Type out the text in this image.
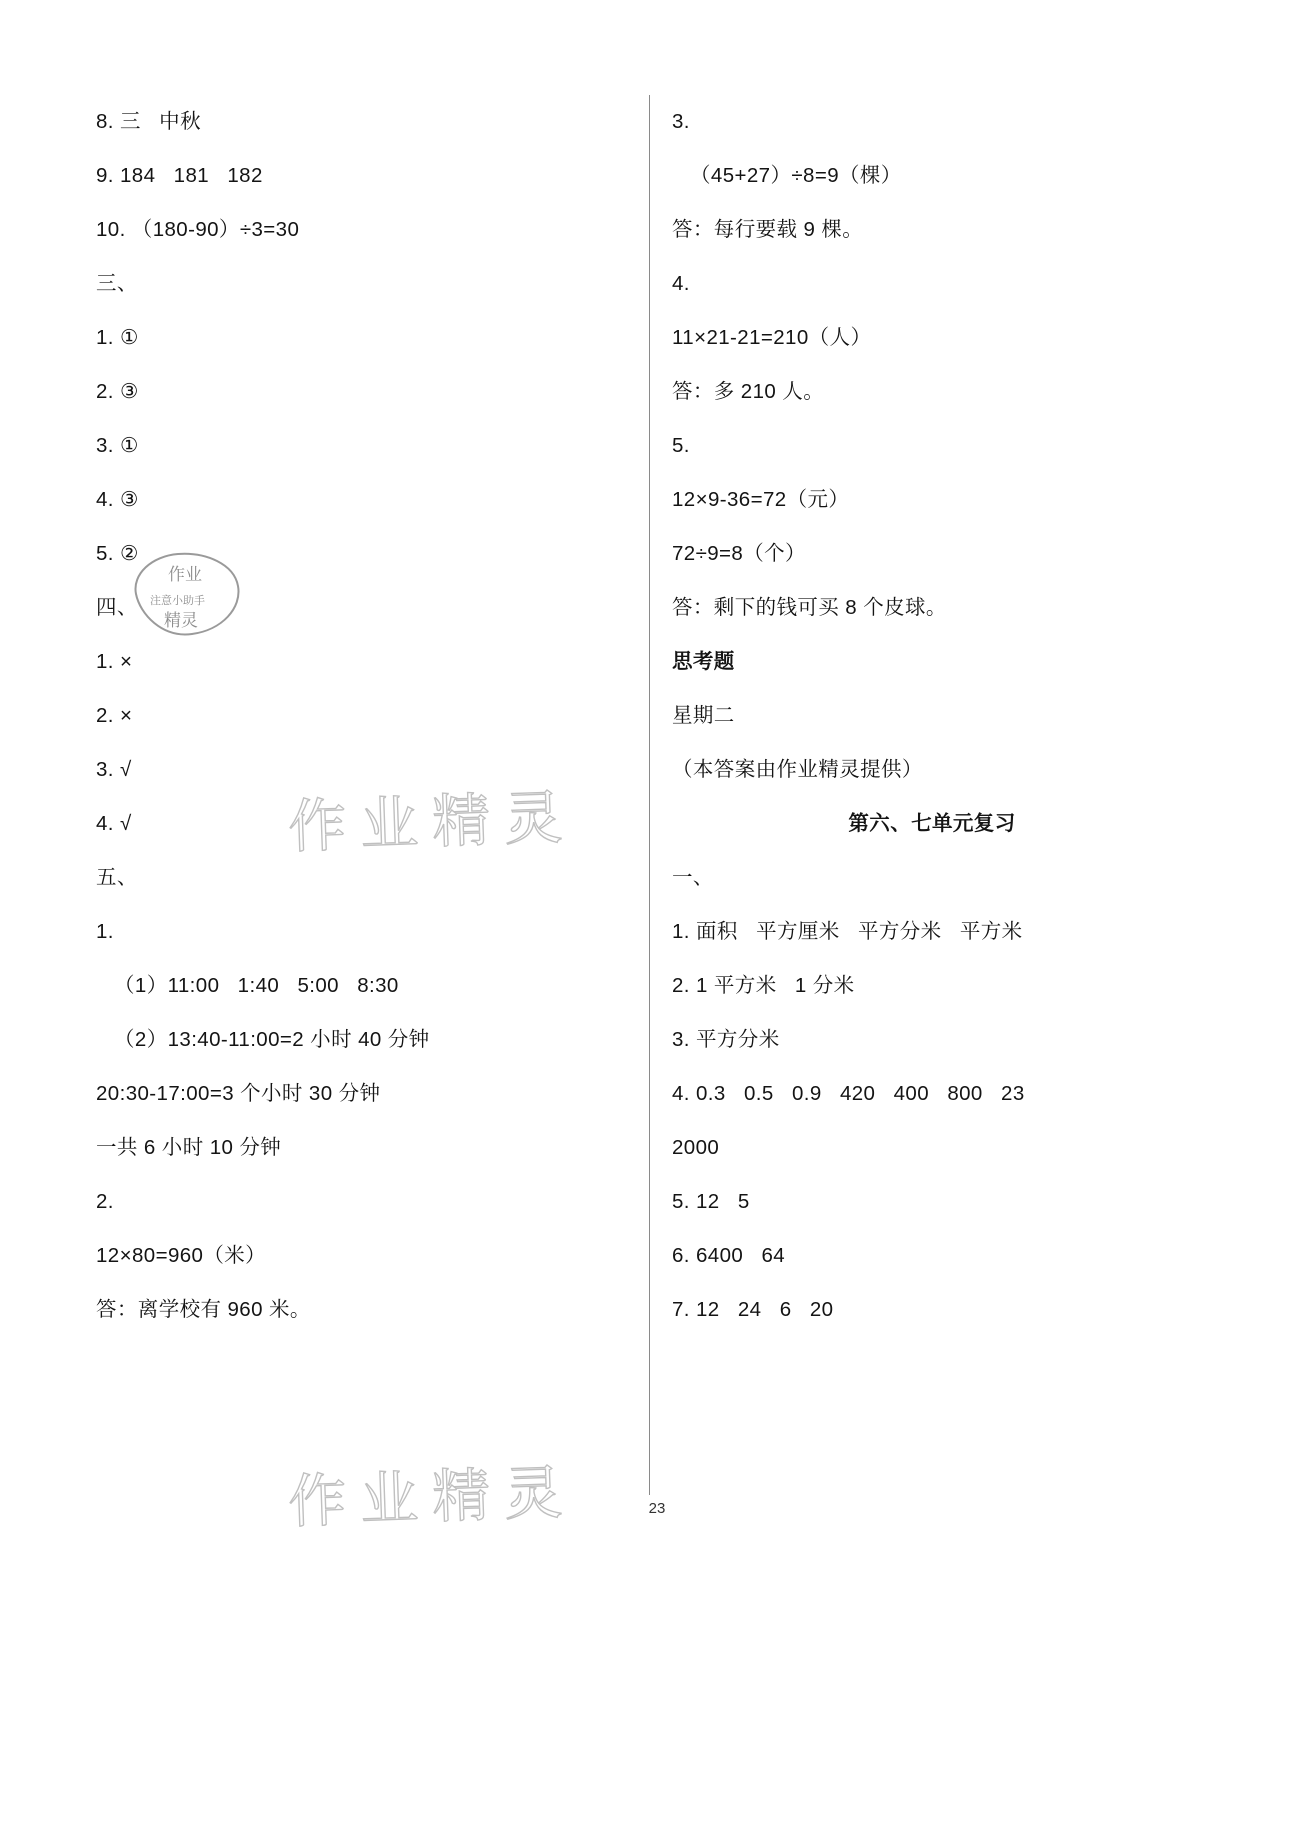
8. 三   中秋

9. 184   181   182

10. （180-90）÷3=30

三、

1. ①

2. ③

3. ①

4. ③

5. ②

四、

1. ×

2. ×

3. √

4. √

五、

1.

（1）11:00   1:40   5:00   8:30

（2）13:40-11:00=2 小时 40 分钟

20:30-17:00=3 个小时 30 分钟

一共 6 小时 10 分钟

2.

12×80=960（米）

答：离学校有 960 米。

3.

（45+27）÷8=9（棵）

答：每行要载 9 棵。

4.

11×21-21=210（人）

答：多 210 人。

5.

12×9-36=72（元）

72÷9=8（个）

答：剩下的钱可买 8 个皮球。

思考题

星期二

（本答案由作业精灵提供）

第六、七单元复习

一、

1. 面积   平方厘米   平方分米   平方米

2. 1 平方米   1 分米

3. 平方分米

4. 0.3   0.5   0.9   420   400   800   23

2000

5. 12   5

6. 6400   64

7. 12   24   6   20

作业
注意小助手
精灵
作业精灵
作业精灵	23
